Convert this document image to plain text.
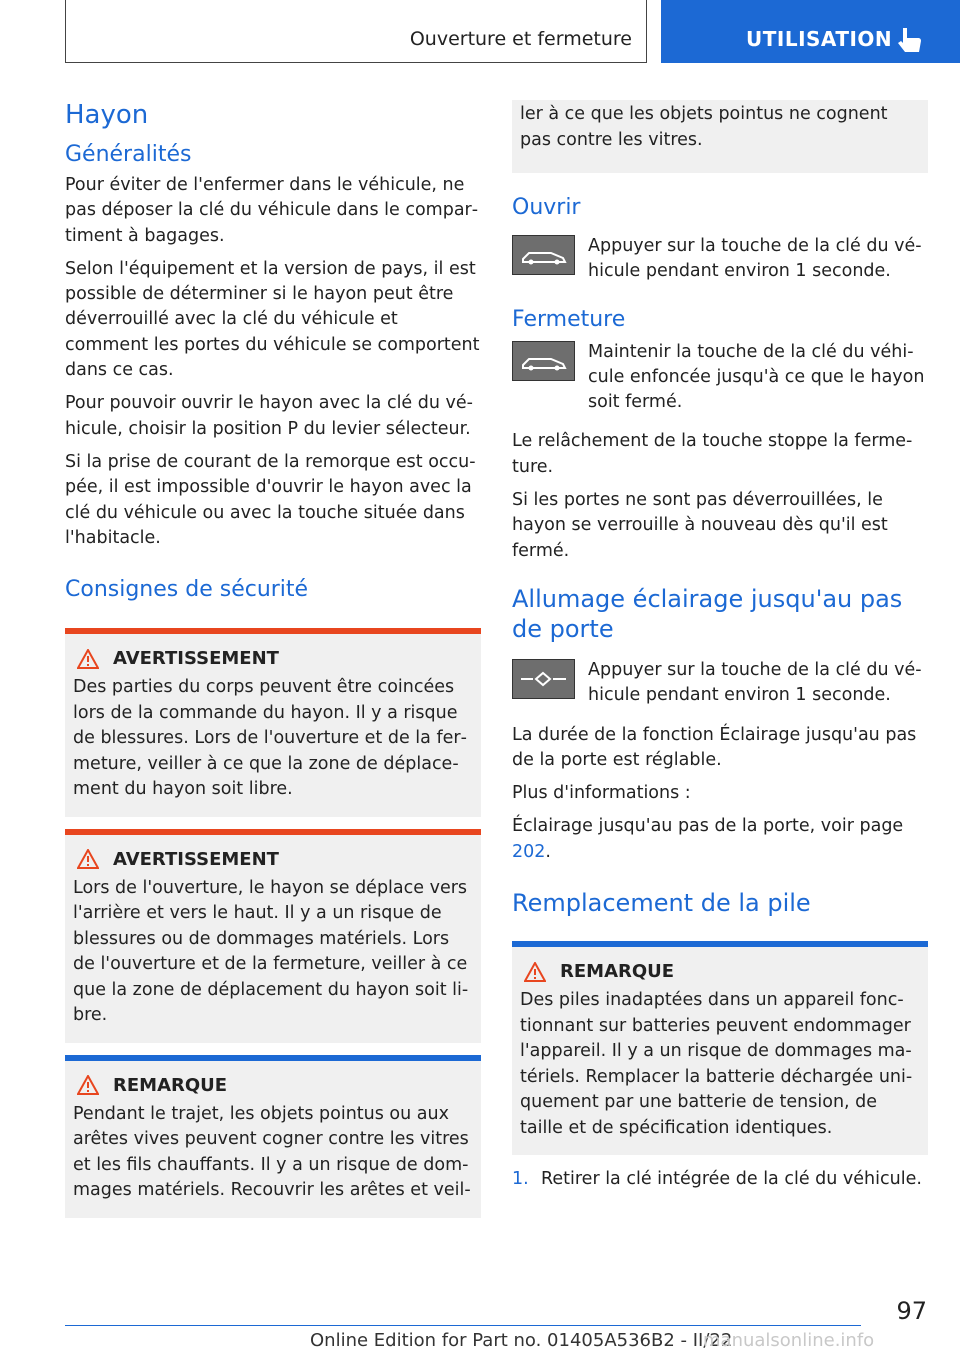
Ouverture et fermeture	UTILISATION
Hayon
Généralités

Pour éviter de l'enfermer dans le véhicule, ne pas déposer la clé du véhicule dans le compartiment à bagages.

Selon l'équipement et la version de pays, il est possible de déterminer si le hayon peut être déverrouillé avec la clé du véhicule et comment les portes du véhicule se comportent dans ce cas.

Pour pouvoir ouvrir le hayon avec la clé du véhicule, choisir la position P du levier sélecteur.

Si la prise de courant de la remorque est occupée, il est impossible d'ouvrir le hayon avec la clé du véhicule ou avec la touche située dans l'habitacle.

Consignes de sécurité
AVERTISSEMENT

Des parties du corps peuvent être coincées lors de la commande du hayon. Il y a risque de blessures. Lors de l'ouverture et de la fermeture, veiller à ce que la zone de déplacement du hayon soit libre.

AVERTISSEMENT

Lors de l'ouverture, le hayon se déplace vers l'arrière et vers le haut. Il y a un risque de blessures ou de dommages matériels. Lors de l'ouverture et de la fermeture, veiller à ce que la zone de déplacement du hayon soit libre.

REMARQUE

Pendant le trajet, les objets pointus ou aux arêtes vives peuvent cogner contre les vitres et les fils chauffants. Il y a un risque de dommages matériels. Recouvrir les arêtes et veil-

ler à ce que les objets pointus ne cognent pas contre les vitres.

Ouvrir
Appuyer sur la touche de la clé du véhicule pendant environ 1 seconde.
Fermeture
Maintenir la touche de la clé du véhicule enfoncée jusqu'à ce que le hayon soit fermé.

Le relâchement de la touche stoppe la fermeture.

Si les portes ne sont pas déverrouillées, le hayon se verrouille à nouveau dès qu'il est fermé.

Allumage éclairage jusqu'au pas de porte
Appuyer sur la touche de la clé du véhicule pendant environ 1 seconde.

La durée de la fonction Éclairage jusqu'au pas de la porte est réglable.

Plus d'informations :

Éclairage jusqu'au pas de la porte, voir page 202.

Remplacement de la pile
REMARQUE

Des piles inadaptées dans un appareil fonctionnant sur batteries peuvent endommager l'appareil. Il y a un risque de dommages matériels. Remplacer la batterie déchargée uniquement par une batterie de tension, de taille et de spécification identiques.

1. Retirer la clé intégrée de la clé du véhicule.
97
Online Edition for Part no. 01405A536B2 - II/22
manualsonline.info
